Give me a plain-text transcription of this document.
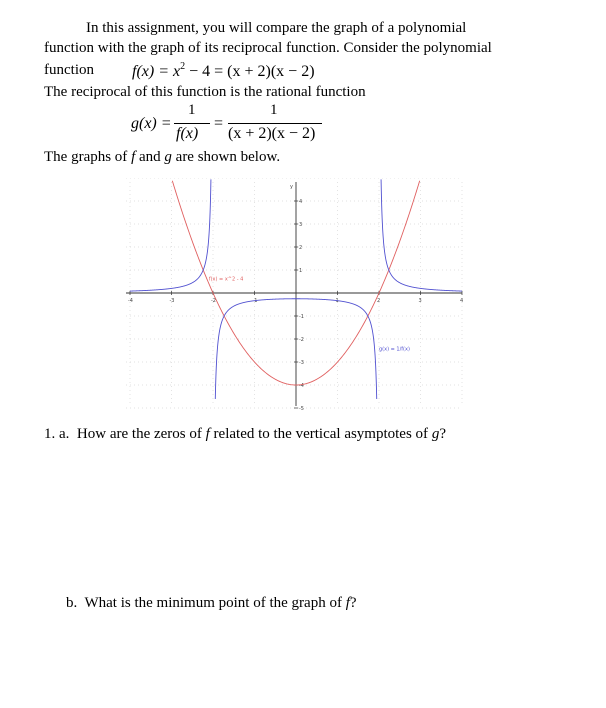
In this assignment, you will compare the graph of a polynomial
function with the graph of its reciprocal function. Consider the polynomial
function $f(x) = x^2 - 4 = (x + 2)(x - 2)$
The reciprocal of this function is the rational function
g(x) =
1
f(x)
=
1
(x + 2)(x − 2)
The graphs of f and g are shown below.
-4	-3	-2	-1	1	2	3	4
-5
-4
-3
-2
-1
1
2
3
4
y
f(x) = x^2 - 4
g(x) = 1/f(x)
1. a. How are the zeros of f related to the vertical asymptotes of g?
b. What is the minimum point of the graph of f?
